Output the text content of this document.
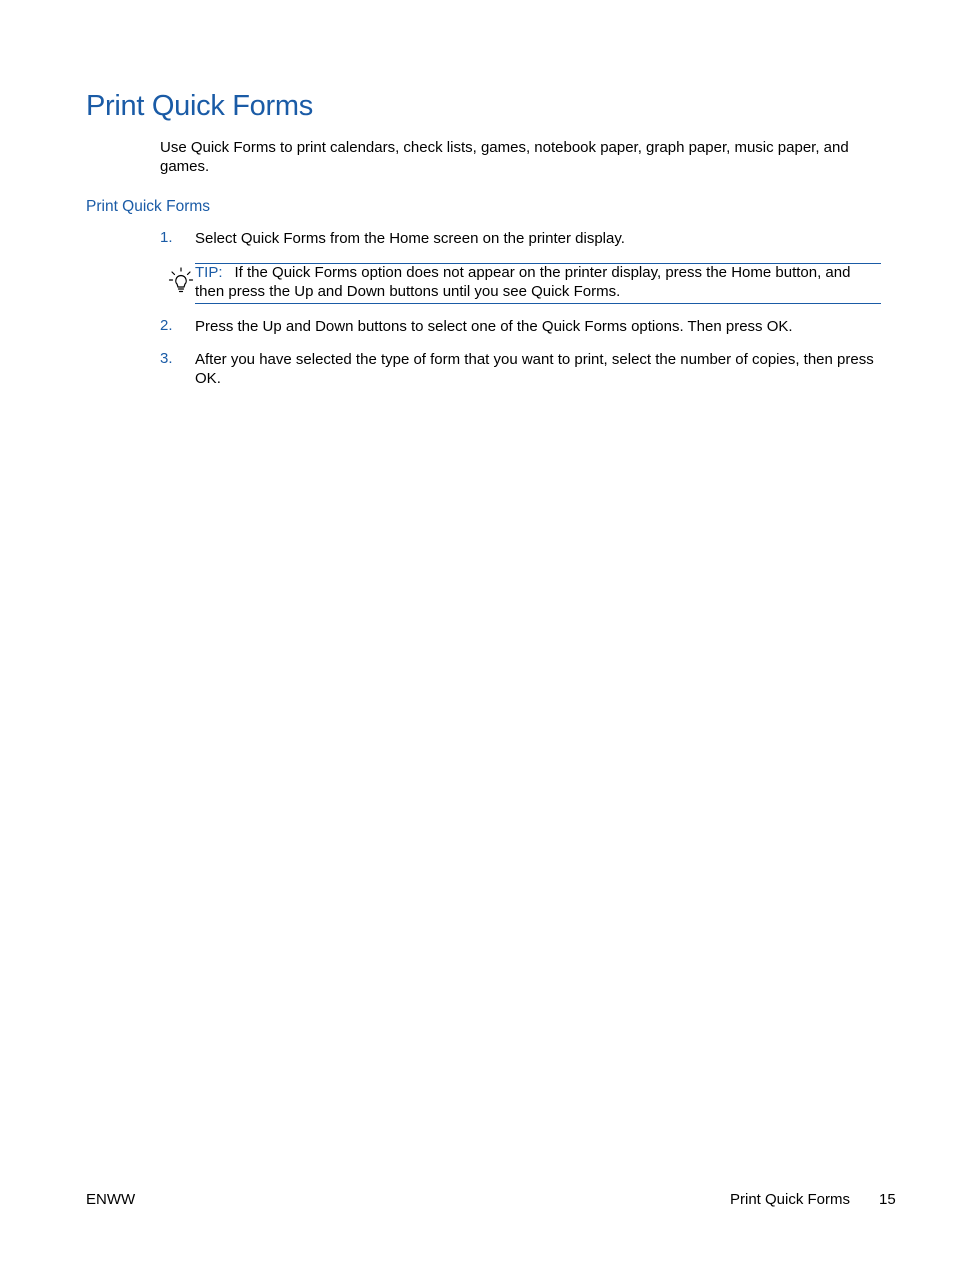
Print Quick Forms

Use Quick Forms to print calendars, check lists, games, notebook paper, graph paper, music paper, and games.

Print Quick Forms
1. Select Quick Forms from the Home screen on the printer display.
TIP: If the Quick Forms option does not appear on the printer display, press the Home button, and then press the Up and Down buttons until you see Quick Forms.
2. Press the Up and Down buttons to select one of the Quick Forms options. Then press OK.
3. After you have selected the type of form that you want to print, select the number of copies, then press OK.
ENWW	Print Quick Forms 15
